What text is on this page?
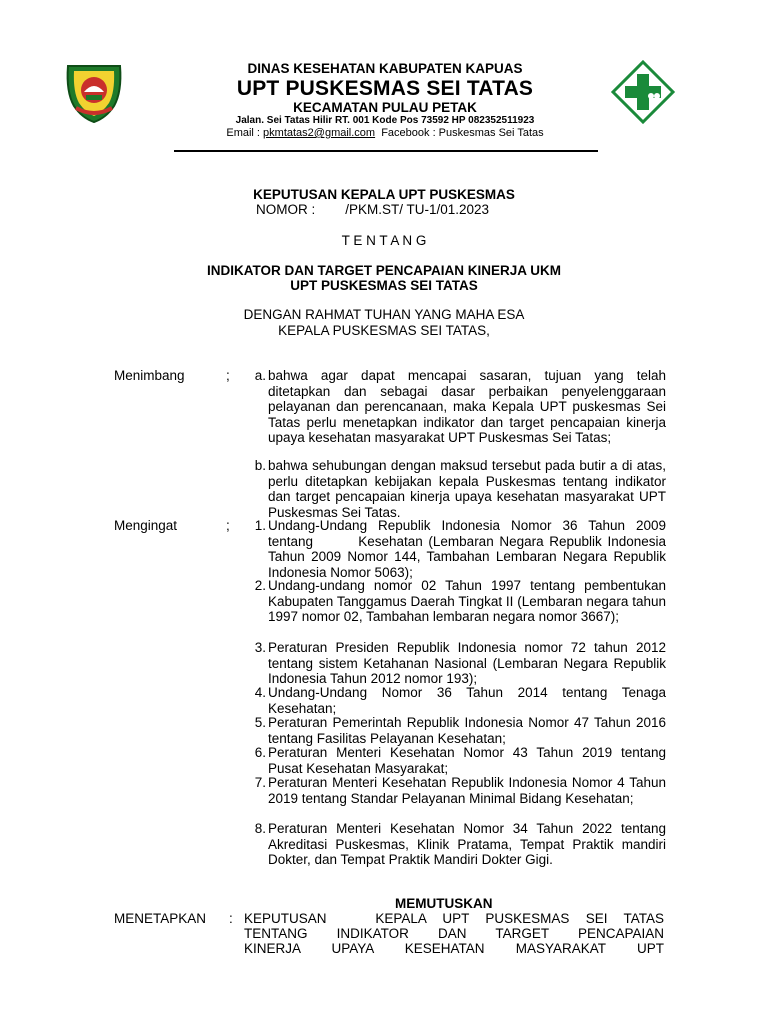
DINAS KESEHATAN KABUPATEN KAPUAS
UPT PUSKESMAS SEI TATAS
KECAMATAN PULAU PETAK
Jalan. Sei Tatas Hilir RT. 001 Kode Pos 73592 HP 082352511923
Email : pkmtatas2@gmail.com  Facebook : Puskesmas Sei Tatas
KEPUTUSAN KEPALA UPT PUSKESMAS
NOMOR :        /PKM.ST/ TU-1/01.2023
T E N T A N G
INDIKATOR DAN TARGET PENCAPAIAN KINERJA UKM
UPT PUSKESMAS SEI TATAS
DENGAN RAHMAT TUHAN YANG MAHA ESA
KEPALA PUSKESMAS SEI TATAS,
Menimbang	;	a. bahwa agar dapat mencapai sasaran, tujuan yang telah ditetapkan dan sebagai dasar perbaikan penyelenggaraan pelayanan dan perencanaan, maka Kepala UPT puskesmas Sei Tatas perlu menetapkan indikator dan target pencapaian kinerja upaya kesehatan masyarakat UPT Puskesmas Sei Tatas;
b. bahwa sehubungan dengan maksud tersebut pada butir a di atas, perlu ditetapkan kebijakan kepala Puskesmas tentang indikator dan target pencapaian kinerja upaya kesehatan masyarakat UPT Puskesmas Sei Tatas.
Mengingat	;	1. Undang-Undang Republik Indonesia Nomor 36 Tahun 2009 tentang        Kesehatan (Lembaran Negara Republik Indonesia Tahun 2009 Nomor 144, Tambahan Lembaran Negara Republik Indonesia Nomor 5063);
2. Undang-undang nomor 02 Tahun 1997 tentang pembentukan Kabupaten Tanggamus Daerah Tingkat II (Lembaran negara tahun 1997 nomor 02, Tambahan lembaran negara nomor 3667);
3. Peraturan Presiden Republik Indonesia nomor 72 tahun 2012 tentang sistem Ketahanan Nasional (Lembaran Negara Republik Indonesia Tahun 2012 nomor 193);
4. Undang-Undang Nomor 36 Tahun 2014 tentang Tenaga Kesehatan;
5. Peraturan Pemerintah Republik Indonesia Nomor 47 Tahun 2016 tentang Fasilitas Pelayanan Kesehatan;
6. Peraturan Menteri Kesehatan Nomor 43 Tahun 2019 tentang Pusat Kesehatan Masyarakat;
7. Peraturan Menteri Kesehatan Republik Indonesia Nomor 4 Tahun 2019 tentang Standar Pelayanan Minimal Bidang Kesehatan;
8. Peraturan Menteri Kesehatan Nomor 34 Tahun 2022 tentang Akreditasi Puskesmas, Klinik Pratama, Tempat Praktik mandiri Dokter, dan Tempat Praktik Mandiri Dokter Gigi.
MEMUTUSKAN
MENETAPKAN : KEPUTUSAN   KEPALA UPT PUSKESMAS SEI TATAS
TENTANG   INDIKATOR   DAN   TARGET   PENCAPAIAN
KINERJA   UPAYA   KESEHATAN   MASYARAKAT   UPT
